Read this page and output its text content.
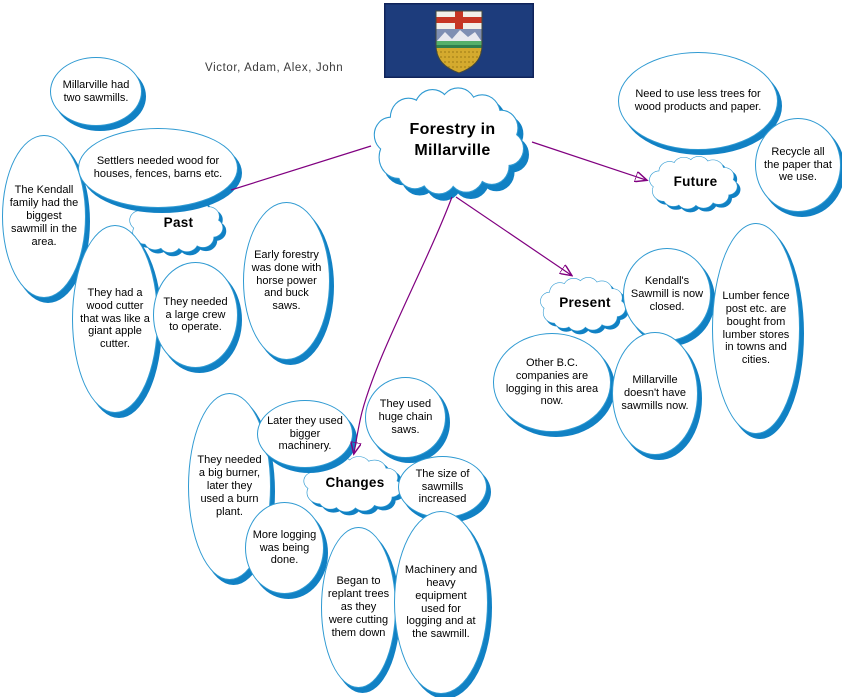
Victor, Adam, Alex, John
Forestry in
Millarville
Past
Future
Present
Changes
Millarville had two sawmills.
The Kendall family had the biggest sawmill in the area.
Settlers needed wood for houses, fences, barns etc.
They had a wood cutter that was like a giant apple cutter.
They needed a large crew to operate.
Early forestry was done with horse power and buck saws.
Need to use less trees for wood products and paper.
Recycle all the paper that we use.
Kendall's Sawmill is now closed.
Other B.C. companies are logging in this area now.
Millarville doesn't have sawmills now.
Lumber fence post etc. are bought from lumber stores in towns and cities.
They needed a big burner, later they used a burn plant.
Later they used bigger machinery.
They used huge chain saws.
The size of sawmills increased
More logging was being done.
Began to replant trees as they were cutting them down
Machinery and heavy equipment used for logging and at the sawmill.
